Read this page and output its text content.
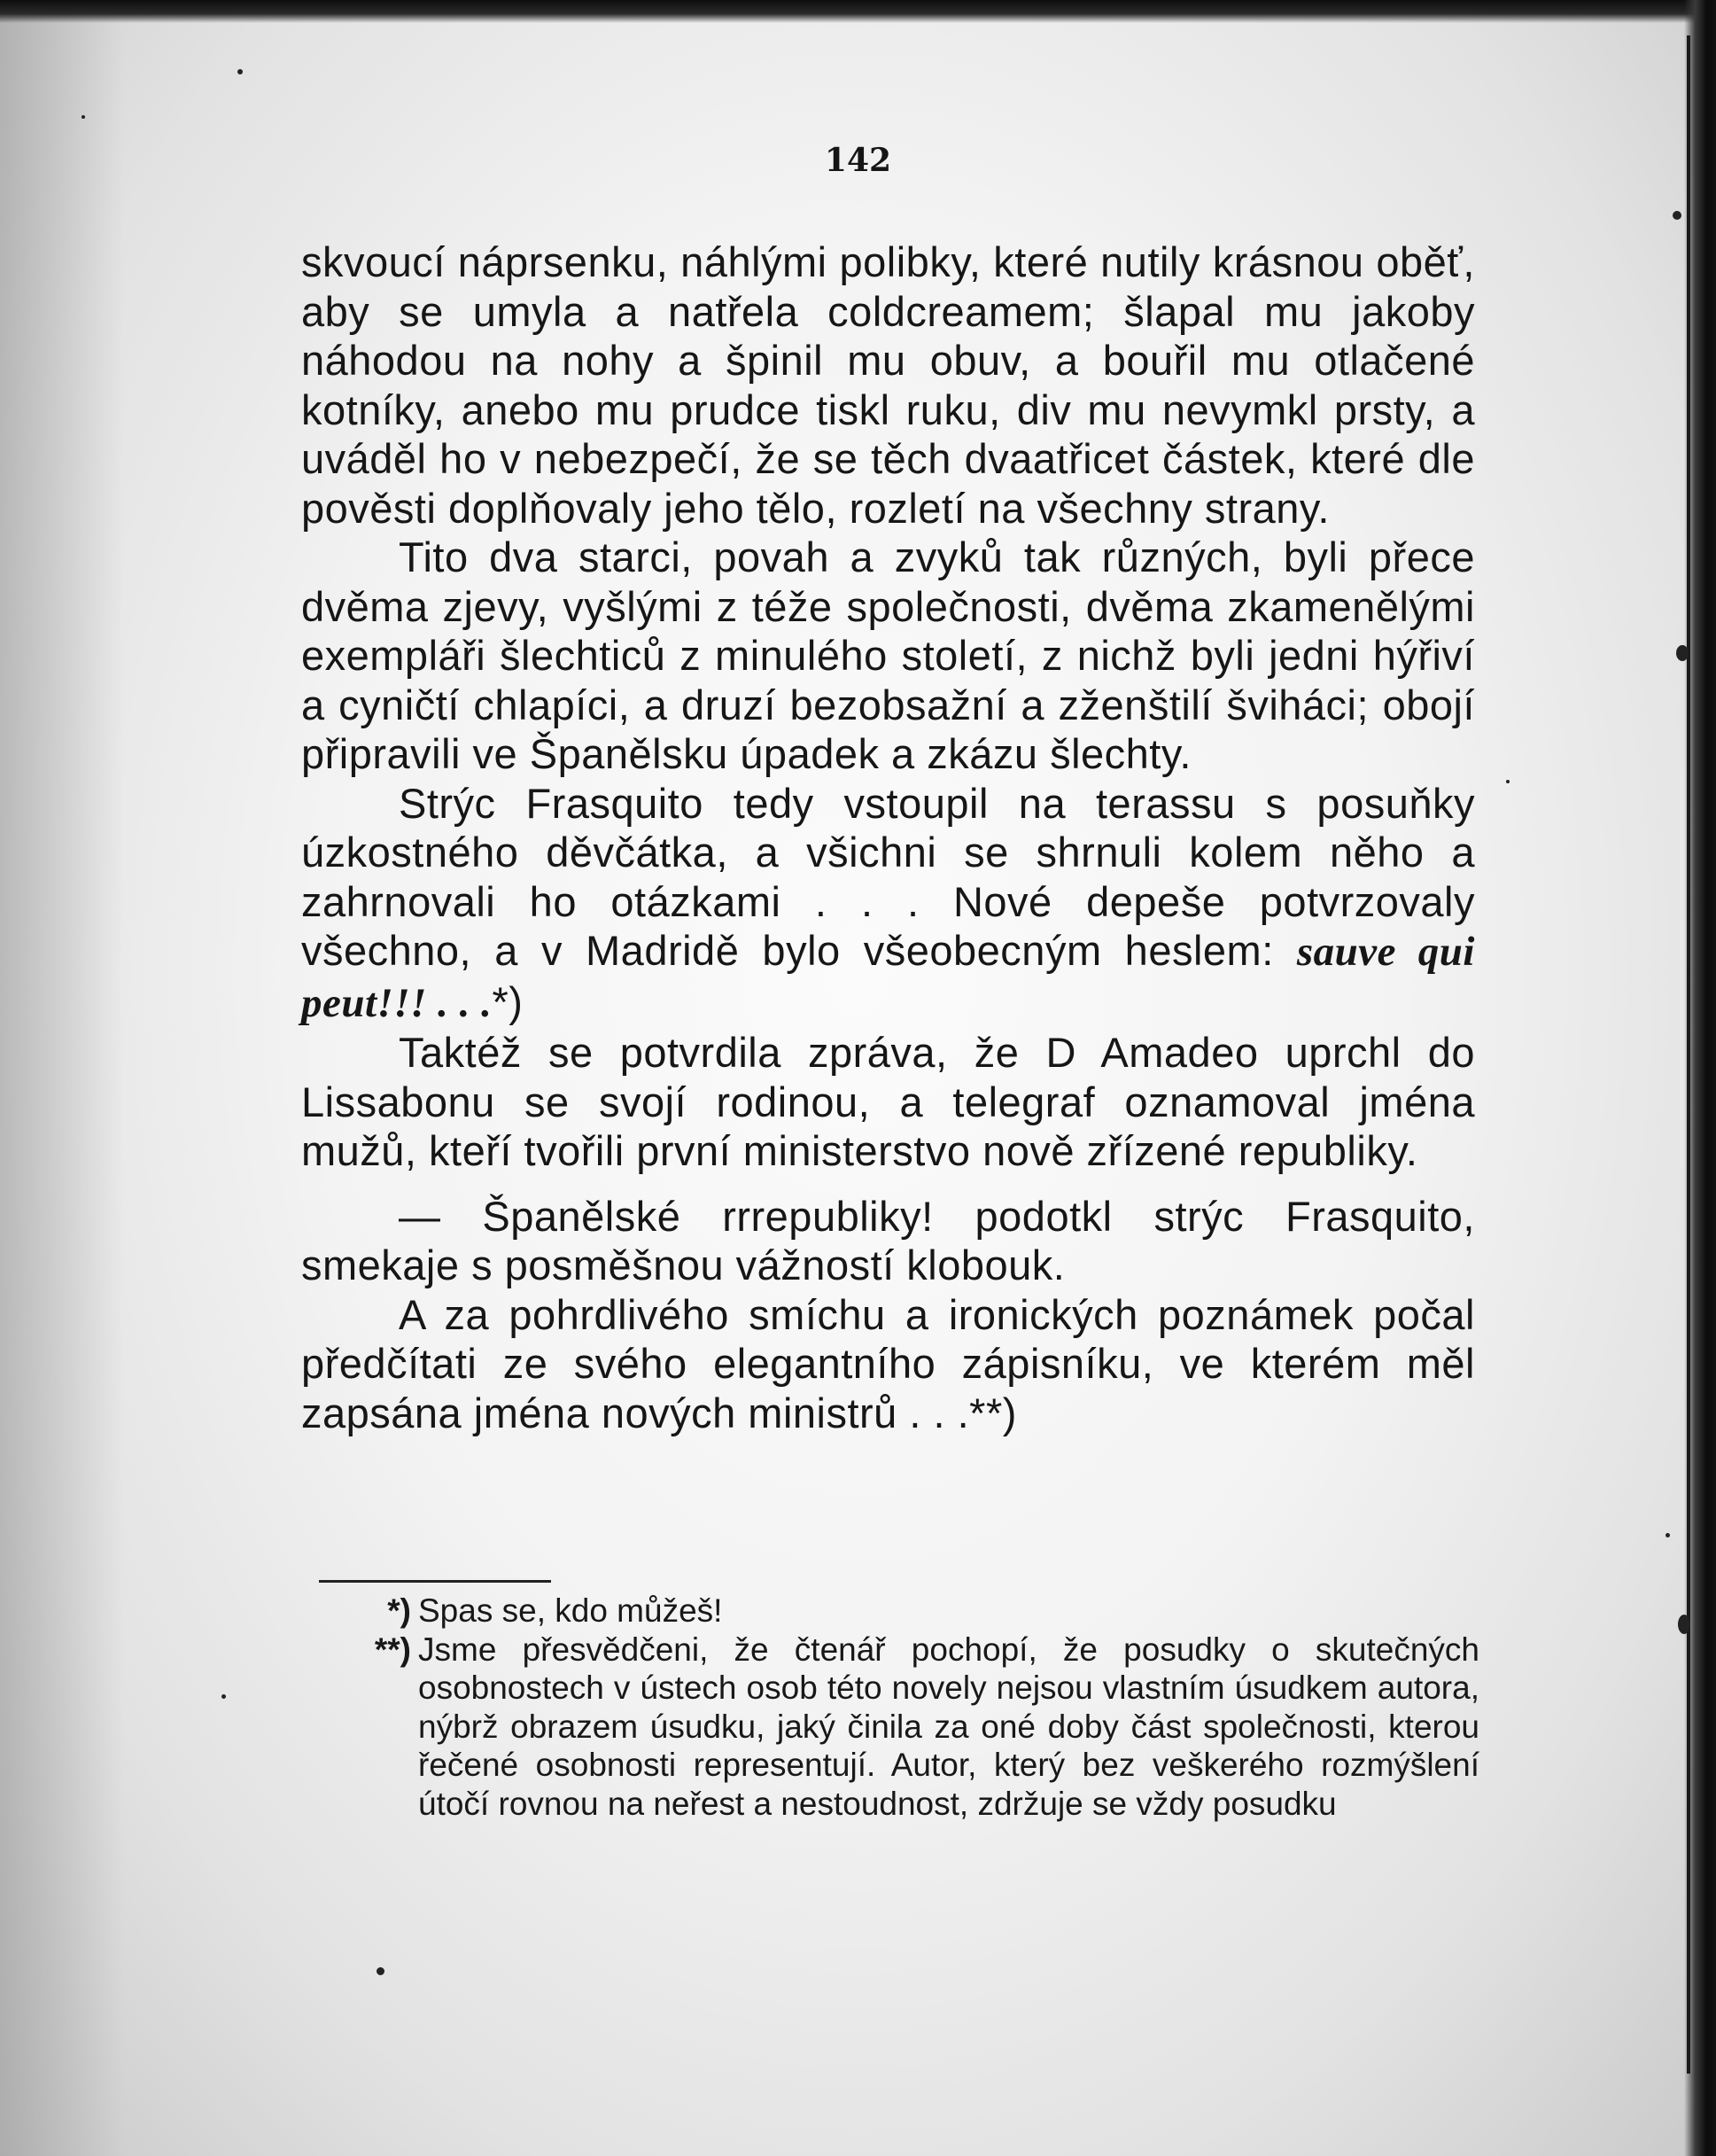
142

skvoucí náprsenku, náhlými polibky, které nutily krásnou oběť, aby se umyla a natřela coldcreamem; šlapal mu jakoby náhodou na nohy a špinil mu obuv, a bouřil mu otlačené kotníky, anebo mu prudce tiskl ruku, div mu nevymkl prsty, a uváděl ho v nebezpečí, že se těch dvaatřicet částek, které dle pověsti doplňovaly jeho tělo, rozletí na všechny strany.

Tito dva starci, povah a zvyků tak různých, byli přece dvěma zjevy, vyšlými z téže společnosti, dvěma zkamenělými exempláři šlechticů z minulého století, z nichž byli jedni hýřiví a cyničtí chlapíci, a druzí bezobsažní a zženštilí šviháci; obojí připravili ve Španělsku úpadek a zkázu šlechty.

Strýc Frasquito tedy vstoupil na terassu s posuňky úzkostného děvčátka, a všichni se shrnuli kolem něho a zahrnovali ho otázkami . . . Nové depeše potvrzovaly všechno, a v Madridě bylo všeobecným heslem: sauve qui peut!!! . . .*)

Taktéž se potvrdila zpráva, že D Amadeo uprchl do Lissabonu se svojí rodinou, a telegraf oznamoval jména mužů, kteří tvořili první ministerstvo nově zřízené republiky.

— Španělské rrrepubliky! podotkl strýc Frasquito, smekaje s posměšnou vážností klobouk.

A za pohrdlivého smíchu a ironických poznámek počal předčítati ze svého elegantního zápisníku, ve kterém měl zapsána jména nových ministrů . . .**)

*) Spas se, kdo můžeš!
**) Jsme přesvědčeni, že čtenář pochopí, že posudky o skutečných osobnostech v ústech osob této novely nejsou vlastním úsudkem autora, nýbrž obrazem úsudku, jaký činila za oné doby část společnosti, kterou řečené osobnosti representují. Autor, který bez veškerého rozmýšlení útočí rovnou na neřest a nestoudnost, zdržuje se vždy posudku
